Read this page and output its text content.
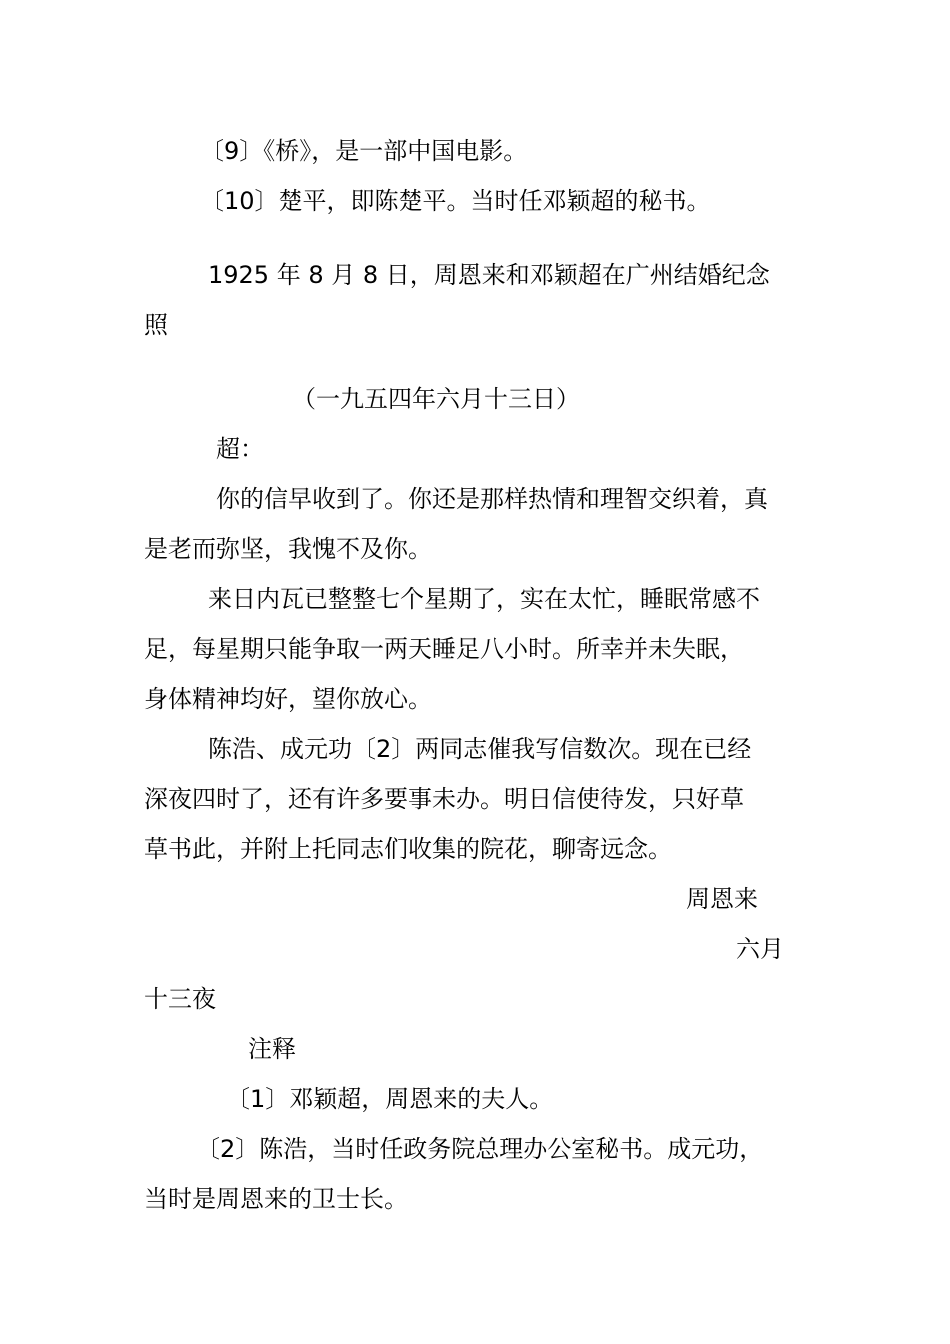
〔9〕《桥》，是一部中国电影。
〔10〕楚平，即陈楚平。当时任邓颖超的秘书。
1925 年 8 月 8 日，周恩来和邓颖超在广州结婚纪念
照
（一九五四年六月十三日）
超：
你的信早收到了。你还是那样热情和理智交织着，真
是老而弥坚，我愧不及你。
来日内瓦已整整七个星期了，实在太忙，睡眠常感不
足，每星期只能争取一两天睡足八小时。所幸并未失眠，
身体精神均好，望你放心。
陈浩、成元功〔2〕两同志催我写信数次。现在已经
深夜四时了，还有许多要事未办。明日信使待发，只好草
草书此，并附上托同志们收集的院花，聊寄远念。
周恩来
六月
十三夜
注释
〔1〕邓颖超，周恩来的夫人。
〔2〕陈浩，当时任政务院总理办公室秘书。成元功，
当时是周恩来的卫士长。
